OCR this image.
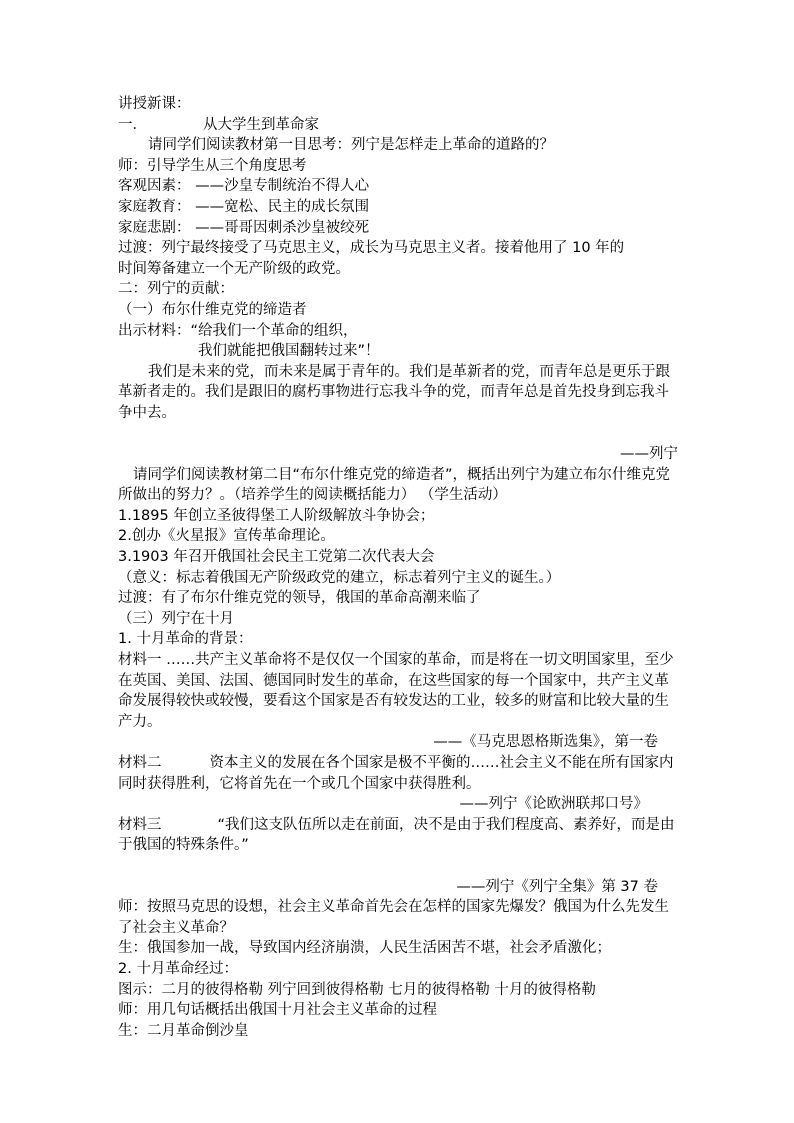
讲授新课：
一．	从大学生到革命家
请同学们阅读教材第一目思考：列宁是怎样走上革命的道路的？
师：引导学生从三个角度思考
客观因素： ——沙皇专制统治不得人心
家庭教育： ——宽松、民主的成长氛围
家庭悲剧： ——哥哥因刺杀沙皇被绞死
过渡：列宁最终接受了马克思主义，成长为马克思主义者。接着他用了 10 年的
时间筹备建立一个无产阶级的政党。
二：列宁的贡献：
（一）布尔什维克党的缔造者
出示材料：“给我们一个革命的组织，
我们就能把俄国翻转过来”！
我们是未来的党，而未来是属于青年的。我们是革新者的党，而青年总是更乐于跟革新者走的。我们是跟旧的腐朽事物进行忘我斗争的党，而青年总是首先投身到忘我斗争中去。
——列宁
请同学们阅读教材第二目“布尔什维克党的缔造者”，概括出列宁为建立布尔什维克党所做出的努力？。（培养学生的阅读概括能力） （学生活动）
1.1895 年创立圣彼得堡工人阶级解放斗争协会；
2.创办《火星报》宣传革命理论。
3.1903 年召开俄国社会民主工党第二次代表大会
（意义：标志着俄国无产阶级政党的建立，标志着列宁主义的诞生。）
过渡：有了布尔什维克党的领导，俄国的革命高潮来临了
（三）列宁在十月
1. 十月革命的背景：
材料一 ……共产主义革命将不是仅仅一个国家的革命，而是将在一切文明国家里，至少在英国、美国、法国、德国同时发生的革命，在这些国家的每一个国家中，共产主义革命发展得较快或较慢，要看这个国家是否有较发达的工业，较多的财富和比较大量的生产力。
——《马克思恩格斯选集》，第一卷
材料二	资本主义的发展在各个国家是极不平衡的……社会主义不能在所有国家内同时获得胜利，它将首先在一个或几个国家中获得胜利。
——列宁《论欧洲联邦口号》
材料三	“我们这支队伍所以走在前面，决不是由于我们程度高、素养好，而是由于俄国的特殊条件。”
——列宁《列宁全集》第 37 卷
师：按照马克思的设想，社会主义革命首先会在怎样的国家先爆发？俄国为什么先发生了社会主义革命？
生：俄国参加一战，导致国内经济崩溃，人民生活困苦不堪，社会矛盾激化；
2. 十月革命经过：
图示：二月的彼得格勒 列宁回到彼得格勒 七月的彼得格勒 十月的彼得格勒
师：用几句话概括出俄国十月社会主义革命的过程
生：二月革命倒沙皇
